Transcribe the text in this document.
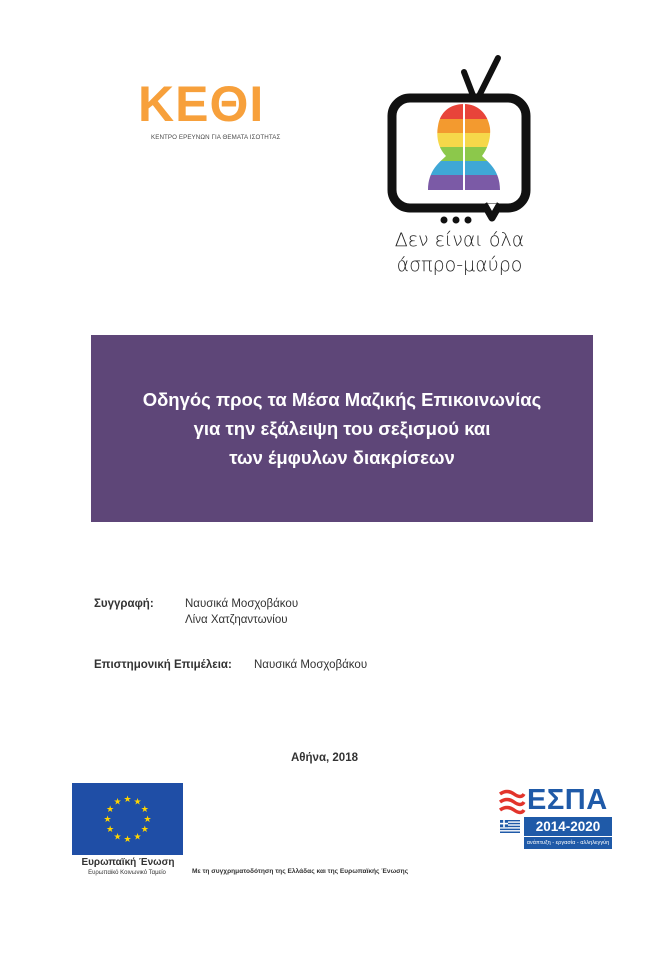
ΚΕΘΙ
ΚΕΝΤΡΟ ΕΡΕΥΝΩΝ ΓΙΑ ΘΕΜΑΤΑ ΙΣΟΤΗΤΑΣ
Δεν είναι όλα
άσπρο-μαύρο
Οδηγός προς τα Μέσα Μαζικής Επικοινωνίας
για την εξάλειψη του σεξισμού και
των έμφυλων διακρίσεων
Συγγραφή:	Ναυσικά Μοσχοβάκου
Λίνα Χατζηαντωνίου
Επιστημονική Επιμέλεια: Ναυσικά Μοσχοβάκου
Αθήνα, 2018
★ ★
★
★
★
★
★
★
★
★
★
★
Ευρωπαϊκή Ένωση
Ευρωπαϊκό Κοινωνικό Ταμείο	Με τη συγχρηματοδότηση της Ελλάδας και της Ευρωπαϊκής Ένωσης
ΕΣΠΑ
2014-2020
ανάπτυξη - εργασία - αλληλεγγύη
